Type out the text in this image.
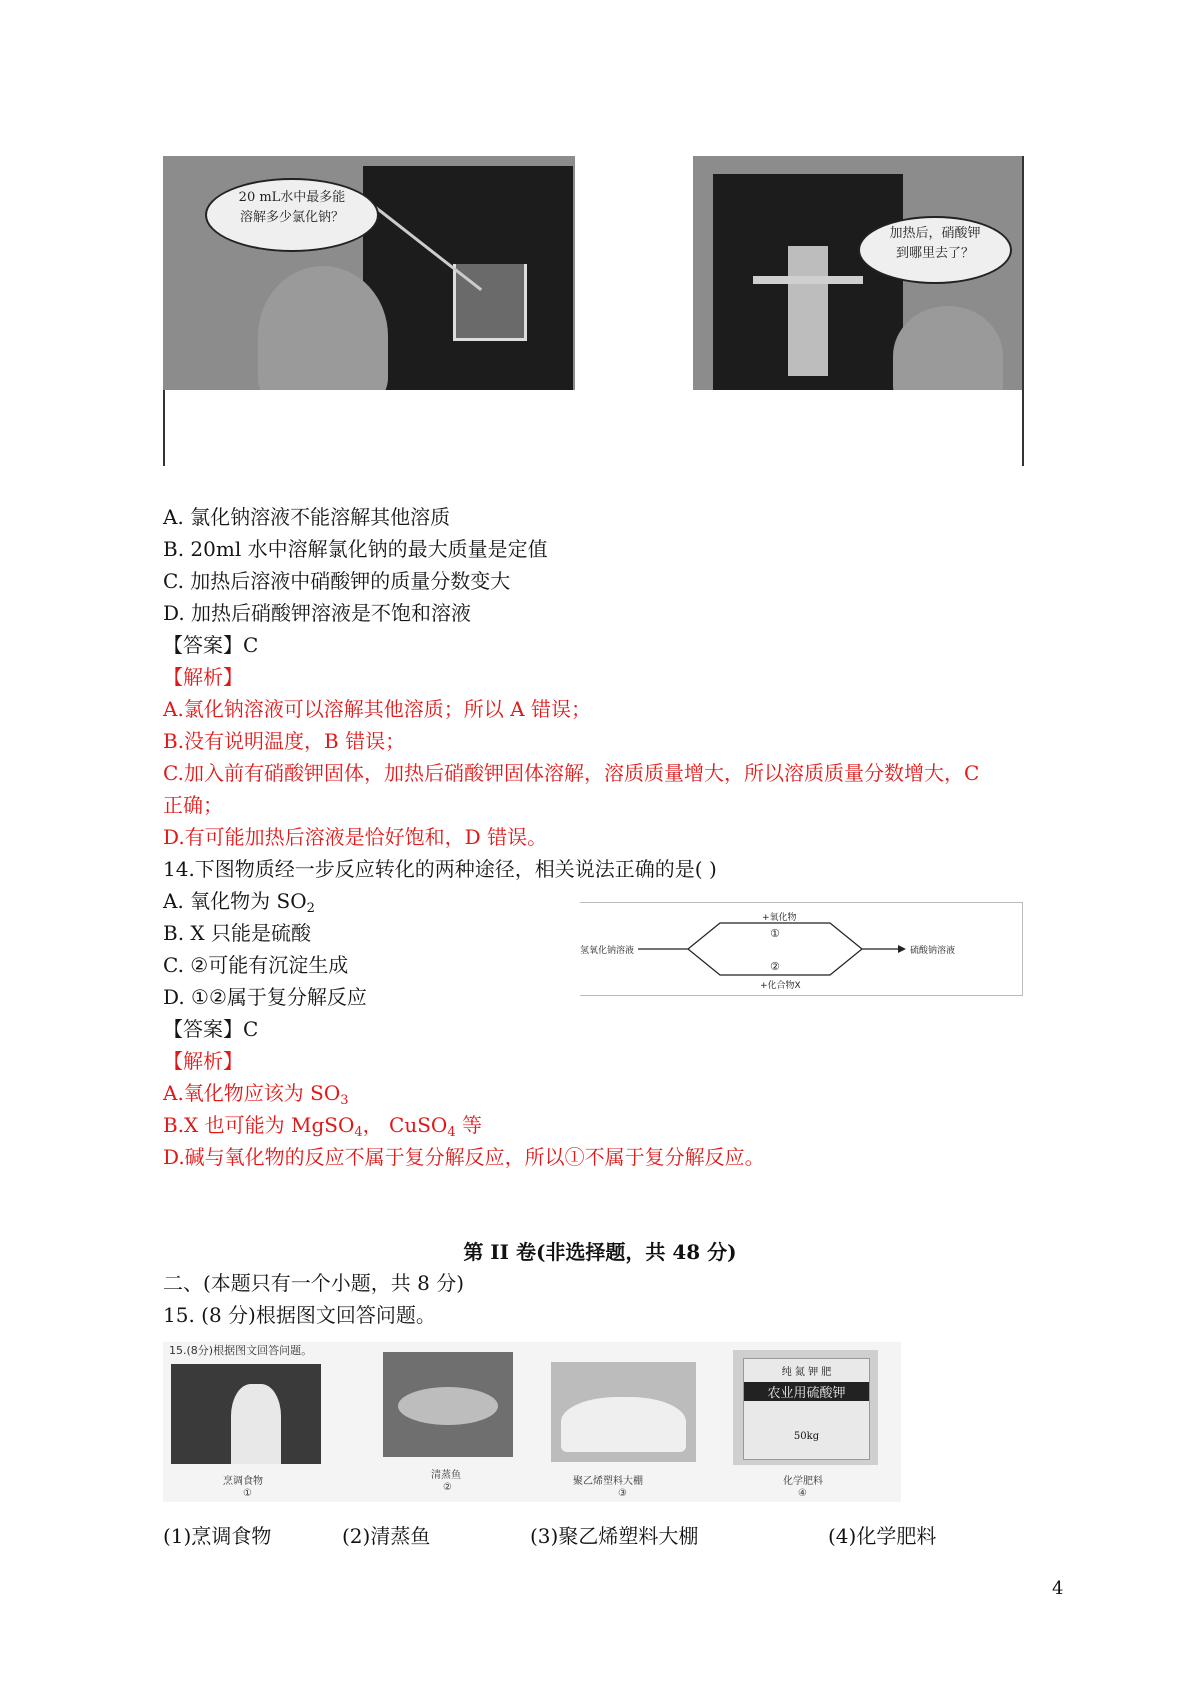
20 mL水中最多能
溶解多少氯化钠？
加热后，硝酸钾
到哪里去了？
A. 氯化钠溶液不能溶解其他溶质
B. 20ml 水中溶解氯化钠的最大质量是定值
C. 加热后溶液中硝酸钾的质量分数变大
D. 加热后硝酸钾溶液是不饱和溶液
【答案】C
【解析】
A.氯化钠溶液可以溶解其他溶质；所以 A 错误；
B.没有说明温度，B 错误；
C.加入前有硝酸钾固体，加热后硝酸钾固体溶解，溶质质量增大，所以溶质质量分数增大，C
正确；
D.有可能加热后溶液是恰好饱和，D 错误。
14.下图物质经一步反应转化的两种途径，相关说法正确的是( )
A. 氧化物为 $SO_2$
B. X 只能是硫酸
C. ②可能有沉淀生成
D. ①②属于复分解反应
【答案】C
【解析】
A.氧化物应该为 $SO_3$
B.X 也可能为 MgSO$_4$， CuSO$_4$ 等
D.碱与氧化物的反应不属于复分解反应，所以①不属于复分解反应。
氢氧化钠溶液	硫酸钠溶液
+氧化物
①
②
+化合物X
第 II 卷(非选择题，共 48 分)
二、(本题只有一个小题，共 8 分)
15. (8 分)根据图文回答问题。
15.(8分)根据图文回答问题。
烹调食物
①
清蒸鱼
②
聚乙烯塑料大棚
③
纯 氮 钾 肥
农业用硫酸钾
50kg
化学肥料
④
(1)烹调食物	(2)清蒸鱼	(3)聚乙烯塑料大棚	(4)化学肥料
4
